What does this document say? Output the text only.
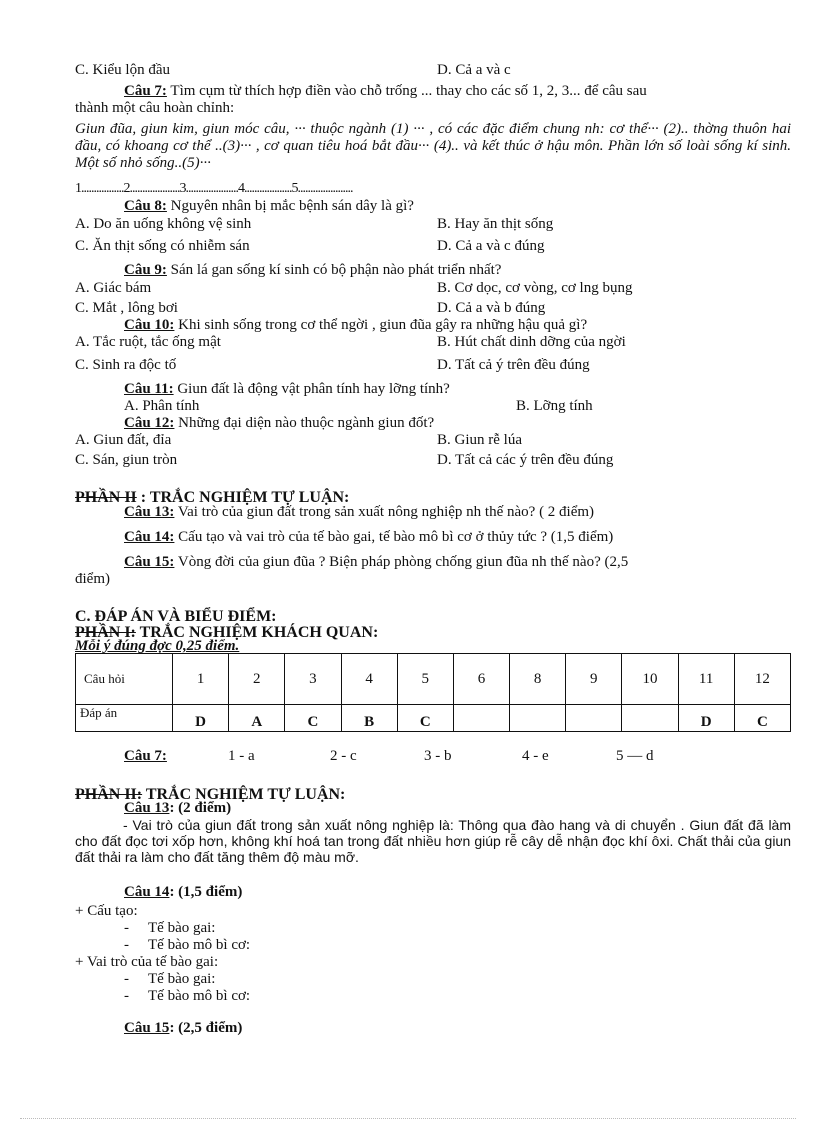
C. Kiểu lộn đầu	D. Cả a và c
Câu 7: Tìm cụm từ thích hợp điền vào chỗ trống ... thay cho các số 1, 2, 3... để câu sau
thành một câu hoàn chỉnh:
Giun đũa, giun kim, giun móc câu, ··· thuộc ngành (1) ··· , có các đặc điểm chung nh: cơ thể··· (2).. thờng thuôn hai đầu, có khoang cơ thể ..(3)··· , cơ quan tiêu hoá bắt đầu··· (4).. và kết thúc ở hậu môn. Phần lớn số loài sống kí sinh. Một số nhỏ sống..(5)···
1.................2....................3.....................4...................5......................
Câu 8: Nguyên nhân bị mắc bệnh sán dây là gì?
A. Do ăn uống không vệ sinh	B. Hay ăn thịt sống
C. Ăn thịt sống có nhiễm sán	D. Cả a và c đúng
Câu 9: Sán lá gan sống kí sinh có bộ phận nào phát triển nhất?
A. Giác bám	B. Cơ dọc, cơ vòng, cơ lng bụng
C. Mắt , lông bơi	D. Cả a và b đúng
Câu 10: Khi sinh sống trong cơ thể ngời , giun đũa gây ra những hậu quả gì?
A. Tắc ruột, tắc ống mật	B. Hút chất dinh dỡng của ngời
C. Sinh ra độc tố	D. Tất cả ý trên đều đúng
Câu 11: Giun đất là động vật phân tính hay lỡng tính?
A. Phân tính	B. Lỡng tính
Câu 12: Những đại diện nào thuộc ngành giun đốt?
A. Giun đất, đỉa	B. Giun rễ lúa
C. Sán, giun tròn	D. Tất cả các ý trên đều đúng
PHẦN II : TRẮC NGHIỆM TỰ LUẬN:
Câu 13: Vai trò của giun đất trong sản xuất nông nghiệp nh thế nào? ( 2 điểm)
Câu 14: Cấu tạo và vai trò của tế bào gai, tế bào mô bì cơ ở thủy tức ? (1,5 điểm)
Câu 15: Vòng đời của giun đũa ? Biện pháp phòng chống giun đũa nh thế nào? (2,5
điểm)
C. ĐÁP ÁN VÀ BIỂU ĐIỂM:
PHẦN I: TRẮC NGHIỆM KHÁCH QUAN:
Mỗi ý đúng đợc 0,25 điểm.
Câu hỏi	1	2	3	4	5	6	8	9	10	11	12
Đáp án	D	A	C	B	C					D	C
Câu 7:	1 - a	2 - c	3 - b	4 - e	5 — d
PHẦN II: TRẮC NGHIỆM TỰ LUẬN:
Câu 13: (2 điểm)
- Vai trò của giun đất trong sản xuất nông nghiệp là: Thông qua đào hang và di chuyển . Giun đất đã làm cho đất đọc tơi xốp hơn, không khí hoá tan trong đất nhiều hơn giúp rễ cây dễ nhận đọc khí ôxi. Chất thải của giun đất thải ra làm cho đất tăng thêm độ màu mỡ.
Câu 14: (1,5 điểm)
+ Cấu tạo:
- Tế bào gai:
- Tế bào mô bì cơ:
+ Vai trò của tế bào gai:
- Tế bào gai:
- Tế bào mô bì cơ:
Câu 15: (2,5 điểm)
